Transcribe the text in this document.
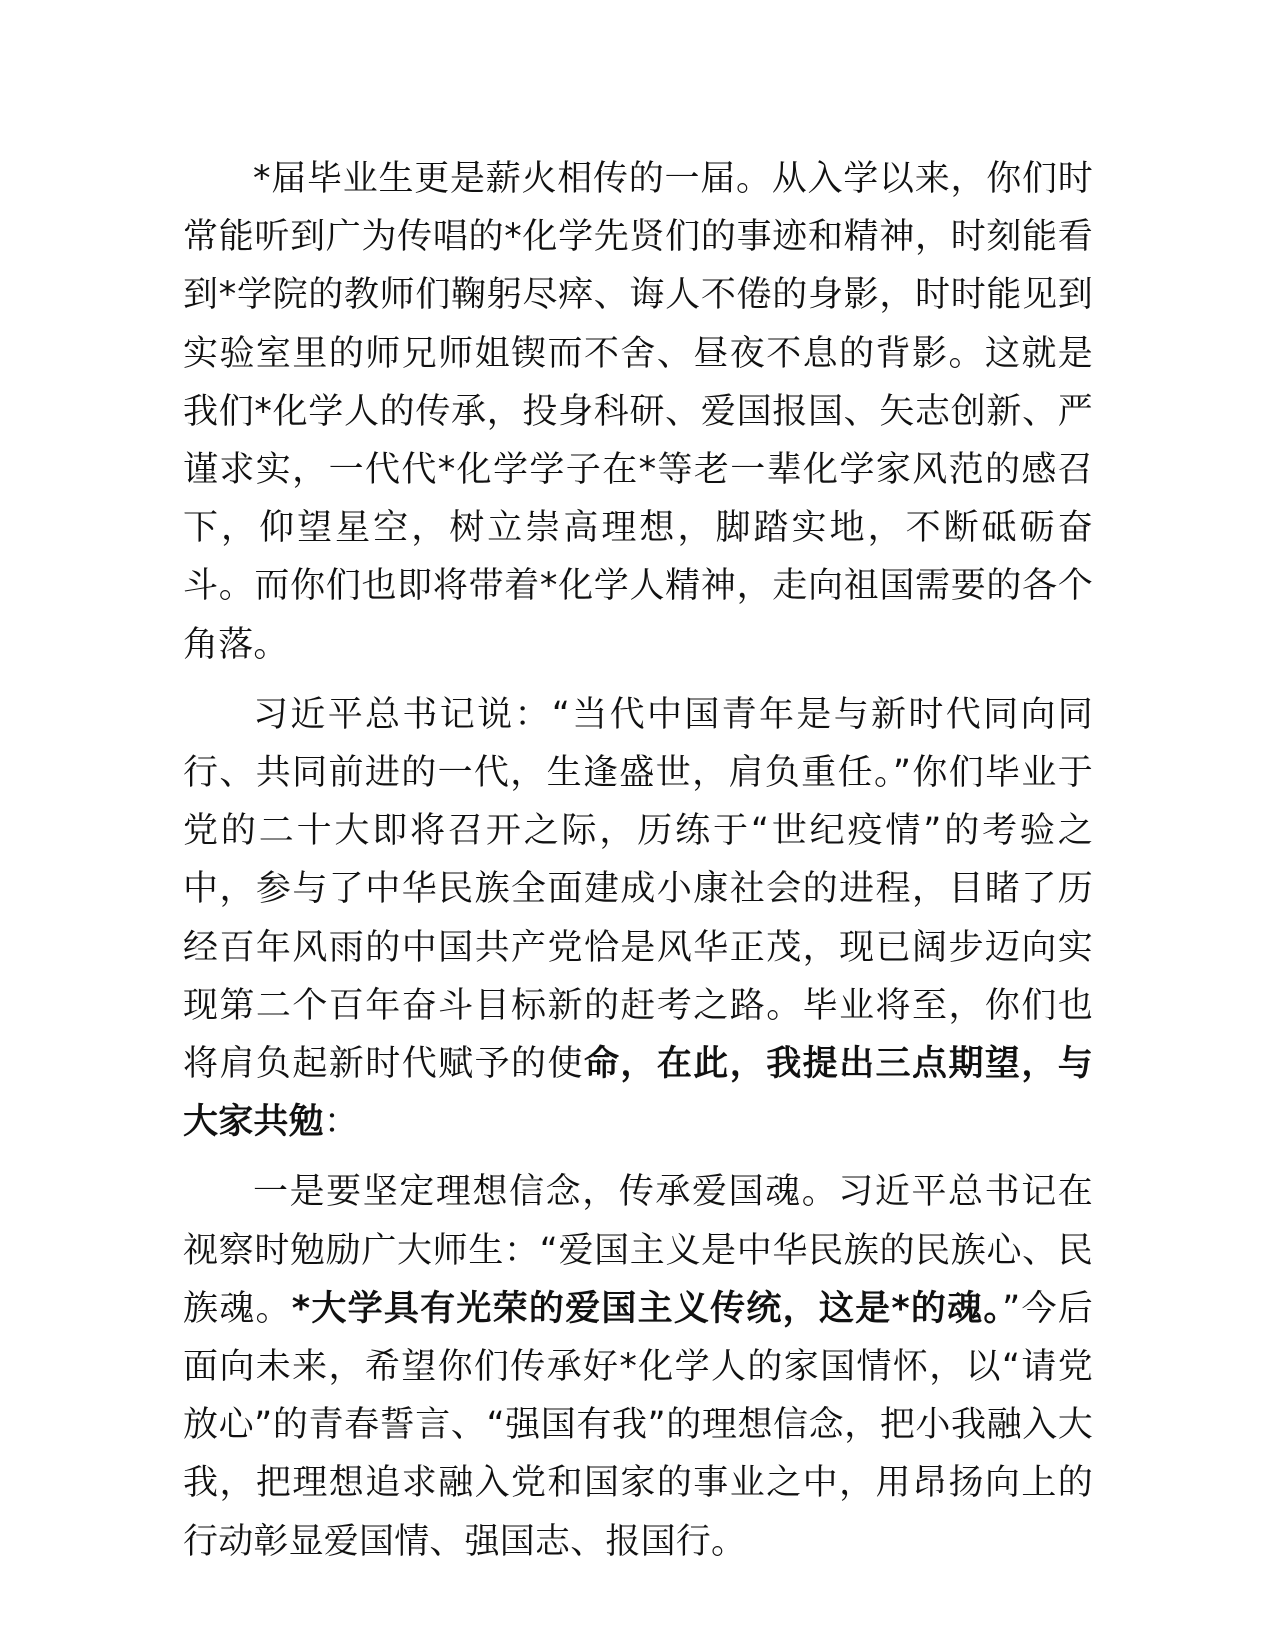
*届毕业生更是薪火相传的一届。从入学以来，你们时常能听到广为传唱的*化学先贤们的事迹和精神，时刻能看到*学院的教师们鞠躬尽瘁、诲人不倦的身影，时时能见到实验室里的师兄师姐锲而不舍、昼夜不息的背影。这就是我们*化学人的传承，投身科研、爱国报国、矢志创新、严谨求实，一代代*化学学子在*等老一辈化学家风范的感召下，仰望星空，树立崇高理想，脚踏实地，不断砥砺奋斗。而你们也即将带着*化学人精神，走向祖国需要的各个角落。

习近平总书记说：“当代中国青年是与新时代同向同行、共同前进的一代，生逢盛世，肩负重任。”你们毕业于党的二十大即将召开之际，历练于“世纪疫情”的考验之中，参与了中华民族全面建成小康社会的进程，目睹了历经百年风雨的中国共产党恰是风华正茂，现已阔步迈向实现第二个百年奋斗目标新的赶考之路。毕业将至，你们也将肩负起新时代赋予的使命，在此，我提出三点期望，与大家共勉：

一是要坚定理想信念，传承爱国魂。习近平总书记在视察时勉励广大师生：“爱国主义是中华民族的民族心、民族魂。*大学具有光荣的爱国主义传统，这是*的魂。”今后面向未来，希望你们传承好*化学人的家国情怀，以“请党放心”的青春誓言、“强国有我”的理想信念，把小我融入大我，把理想追求融入党和国家的事业之中，用昂扬向上的行动彰显爱国情、强国志、报国行。
